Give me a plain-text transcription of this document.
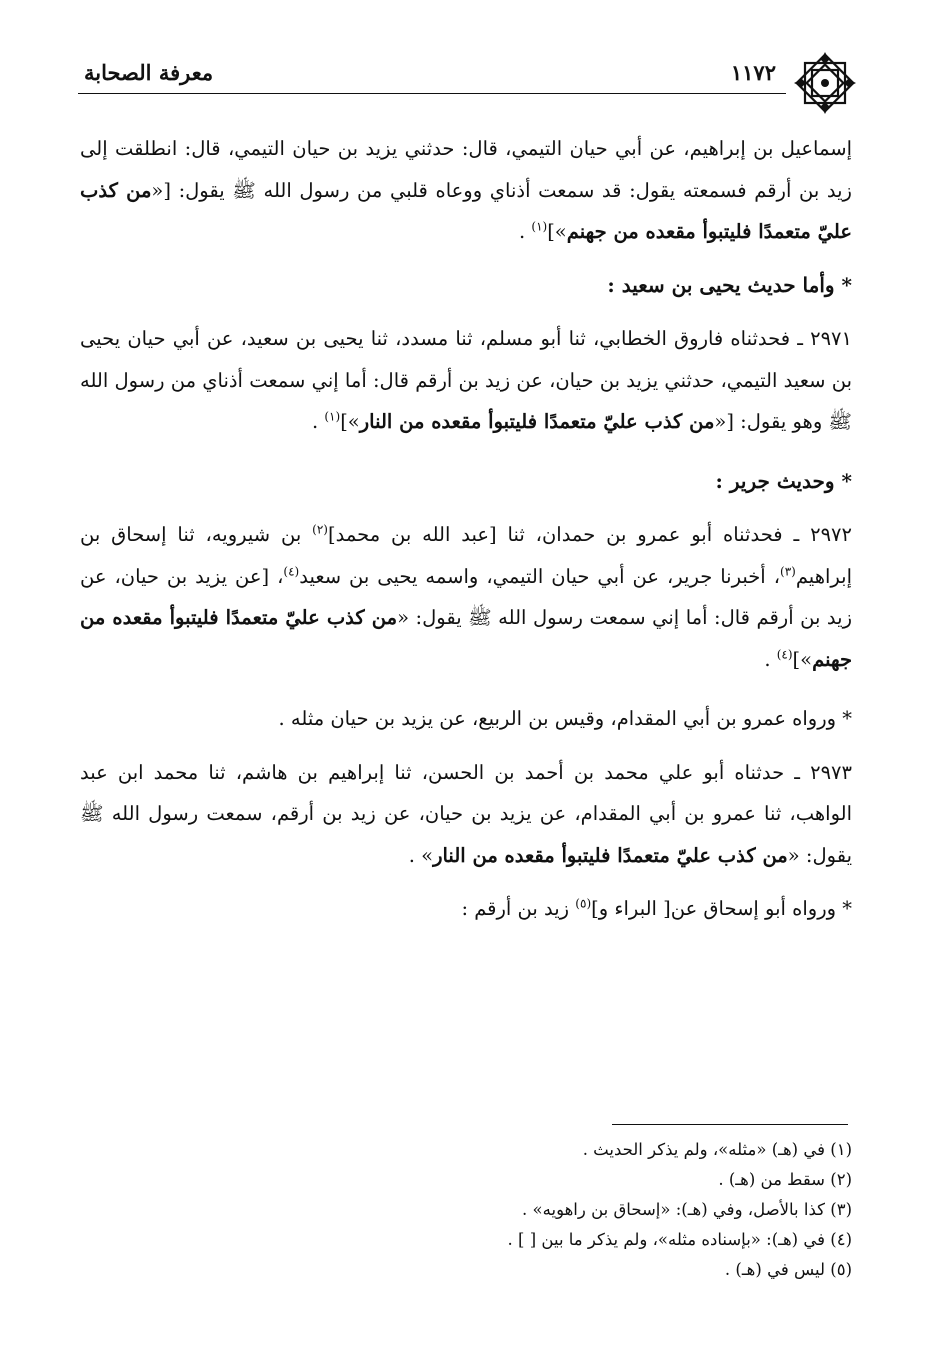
معرفة الصحابة	١١٧٢

إسماعيل بن إبراهيم، عن أبي حيان التيمي، قال: حدثني يزيد بن حيان التيمي، قال: انطلقت إلى زيد بن أرقم فسمعته يقول: قد سمعت أذناي ووعاه قلبي من رسول الله ﷺ يقول: [«من كذب عليّ متعمدًا فليتبوأ مقعده من جهنم»]$^{(١)}$ .

* وأما حديث يحيى بن سعيد :

٢٩٧١ ـ فحدثناه فاروق الخطابي، ثنا أبو مسلم، ثنا مسدد، ثنا يحيى بن سعيد، عن أبي حيان يحيى بن سعيد التيمي، حدثني يزيد بن حيان، عن زيد بن أرقم قال: أما إني سمعت أذناي من رسول الله ﷺ وهو يقول: [«من كذب عليّ متعمدًا فليتبوأ مقعده من النار»]$^{(١)}$ .

* وحديث جرير :

٢٩٧٢ ـ فحدثناه أبو عمرو بن حمدان، ثنا [عبد الله بن محمد]$^{(٢)}$ بن شيرويه، ثنا إسحاق بن إبراهيم$^{(٣)}$، أخبرنا جرير، عن أبي حيان التيمي، واسمه يحيى بن سعيد$^{(٤)}$، [عن يزيد بن حيان، عن زيد بن أرقم قال: أما إني سمعت رسول الله ﷺ يقول: «من كذب عليّ متعمدًا فليتبوأ مقعده من جهنم»]$^{(٤)}$ .

* ورواه عمرو بن أبي المقدام، وقيس بن الربيع، عن يزيد بن حيان مثله .

٢٩٧٣ ـ حدثناه أبو علي محمد بن أحمد بن الحسن، ثنا إبراهيم بن هاشم، ثنا محمد ابن عبد الواهب، ثنا عمرو بن أبي المقدام، عن يزيد بن حيان، عن زيد بن أرقم، سمعت رسول الله ﷺ يقول: «من كذب عليّ متعمدًا فليتبوأ مقعده من النار» .

* ورواه أبو إسحاق عن[ البراء و]$^{(٥)}$ زيد بن أرقم :

(١) في (هـ) «مثله»، ولم يذكر الحديث .

(٢) سقط من (هـ) .

(٣) كذا بالأصل، وفي (هـ): «إسحاق بن راهويه» .

(٤) في (هـ): «بإسناده مثله»، ولم يذكر ما بين [ ] .

(٥) ليس في (هـ) .
